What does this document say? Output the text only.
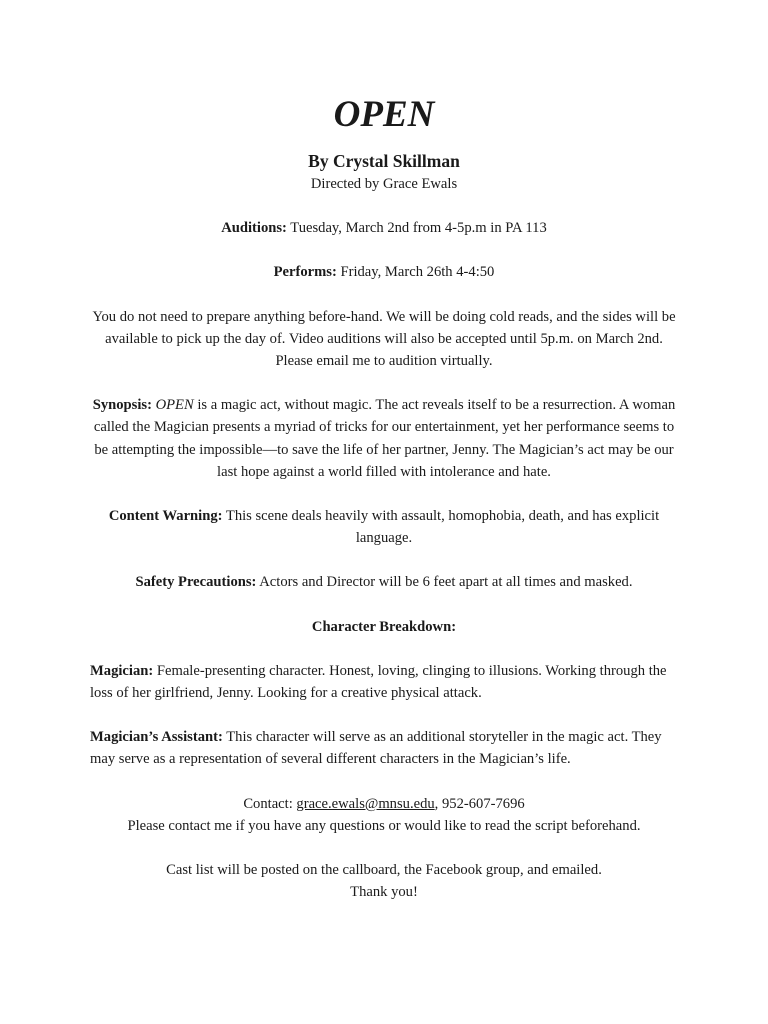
OPEN
By Crystal Skillman
Directed by Grace Ewals

Auditions: Tuesday, March 2nd from 4-5p.m in PA 113

Performs: Friday, March 26th 4-4:50

You do not need to prepare anything before-hand. We will be doing cold reads, and the sides will be available to pick up the day of. Video auditions will also be accepted until 5p.m. on March 2nd. Please email me to audition virtually.

Synopsis: OPEN is a magic act, without magic. The act reveals itself to be a resurrection. A woman called the Magician presents a myriad of tricks for our entertainment, yet her performance seems to be attempting the impossible—to save the life of her partner, Jenny. The Magician’s act may be our last hope against a world filled with intolerance and hate.

Content Warning: This scene deals heavily with assault, homophobia, death, and has explicit language.

Safety Precautions: Actors and Director will be 6 feet apart at all times and masked.

Character Breakdown:

Magician: Female-presenting character. Honest, loving, clinging to illusions. Working through the loss of her girlfriend, Jenny. Looking for a creative physical attack.

Magician’s Assistant: This character will serve as an additional storyteller in the magic act. They may serve as a representation of several different characters in the Magician’s life.

Contact: grace.ewals@mnsu.edu, 952-607-7696

Please contact me if you have any questions or would like to read the script beforehand.

Cast list will be posted on the callboard, the Facebook group, and emailed.
Thank you!
